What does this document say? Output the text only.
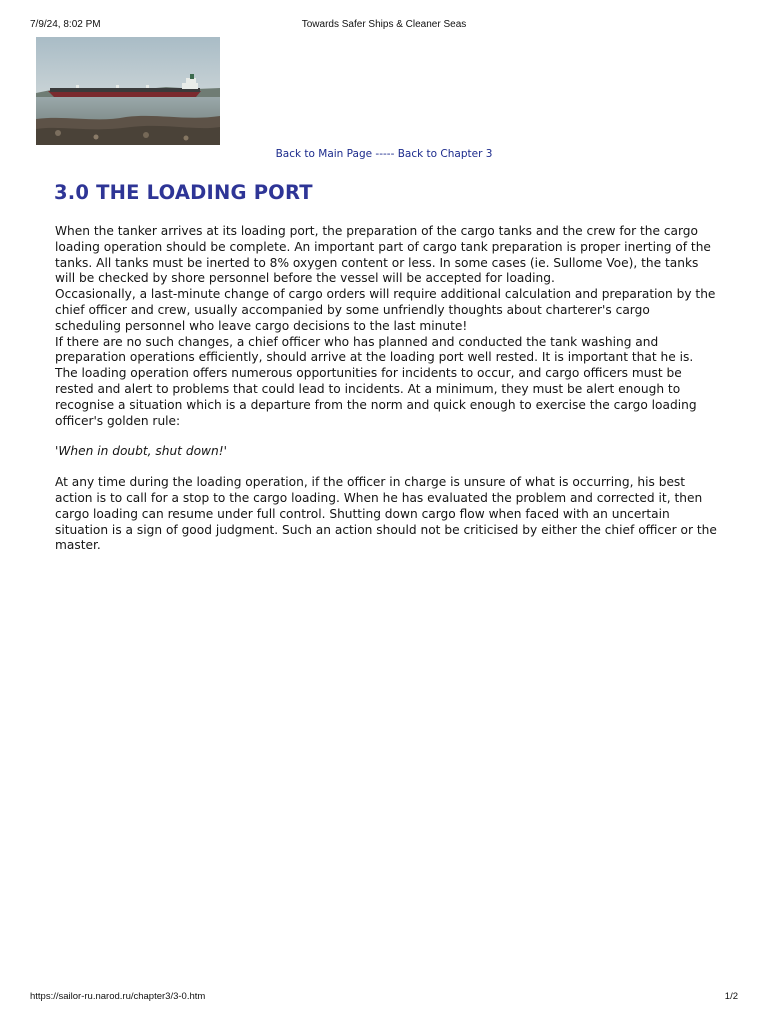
7/9/24, 8:02 PM	Towards Safer Ships & Cleaner Seas
Back to Main Page ----- Back to Chapter 3
3.0 THE LOADING PORT

When the tanker arrives at its loading port, the preparation of the cargo tanks and the crew for the cargo loading operation should be complete. An important part of cargo tank preparation is proper inerting of the tanks. All tanks must be inerted to 8% oxygen content or less. In some cases (ie. Sullome Voe), the tanks will be checked by shore personnel before the vessel will be accepted for loading.

Occasionally, a last-minute change of cargo orders will require additional calculation and preparation by the chief officer and crew, usually accompanied by some unfriendly thoughts about charterer's cargo scheduling personnel who leave cargo decisions to the last minute!

If there are no such changes, a chief officer who has planned and conducted the tank washing and preparation operations efficiently, should arrive at the loading port well rested. It is important that he is. The loading operation offers numerous opportunities for incidents to occur, and cargo officers must be rested and alert to problems that could lead to incidents. At a minimum, they must be alert enough to recognise a situation which is a departure from the norm and quick enough to exercise the cargo loading officer's golden rule:

'When in doubt, shut down!'

At any time during the loading operation, if the officer in charge is unsure of what is occurring, his best action is to call for a stop to the cargo loading. When he has evaluated the problem and corrected it, then cargo loading can resume under full control. Shutting down cargo flow when faced with an uncertain situation is a sign of good judgment. Such an action should not be criticised by either the chief officer or the master.

https://sailor-ru.narod.ru/chapter3/3-0.htm	1/2
